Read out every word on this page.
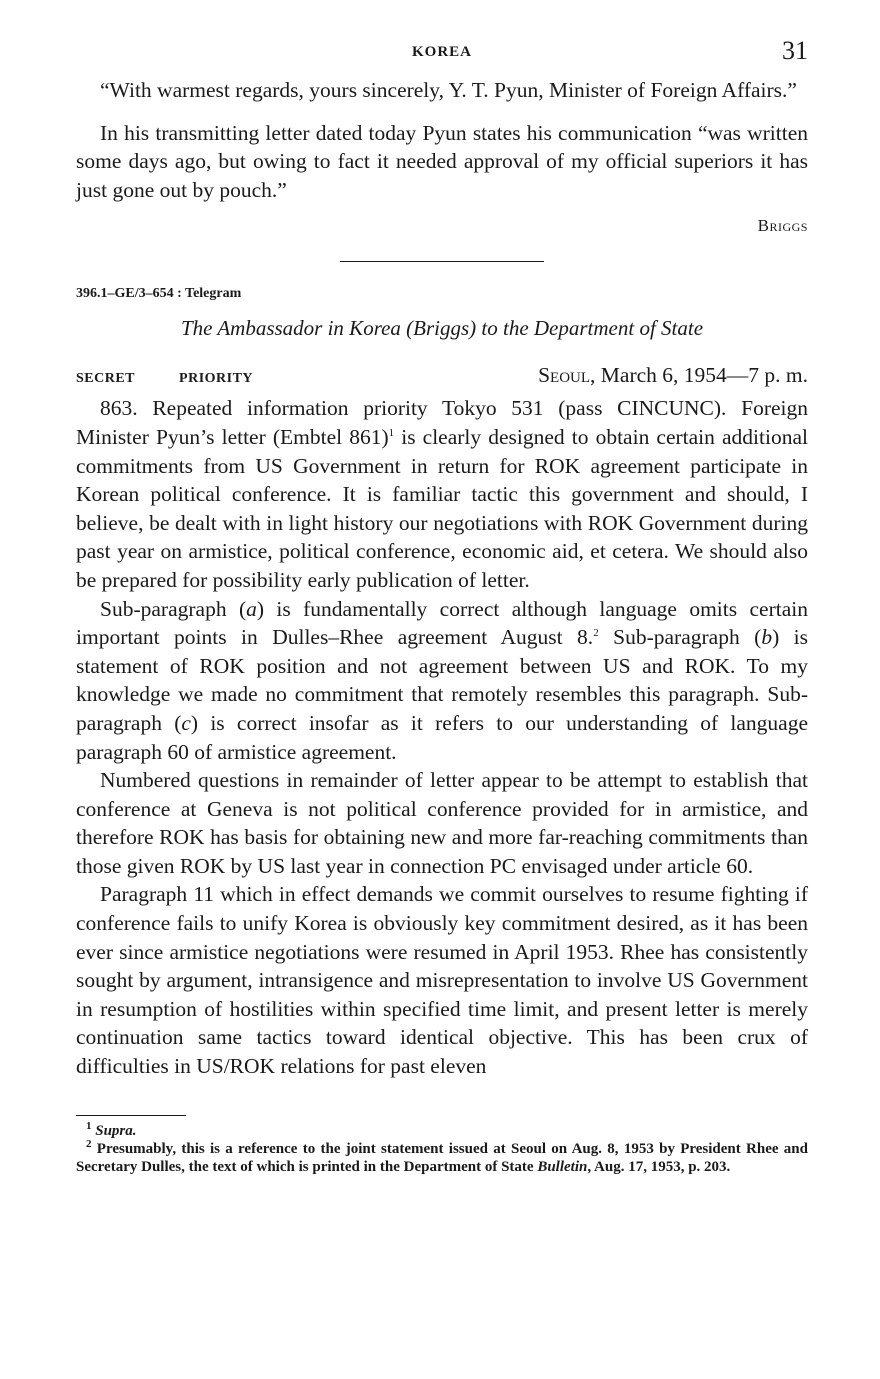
KOREA	31

“With warmest regards, yours sincerely, Y. T. Pyun, Minister of Foreign Affairs.”

In his transmitting letter dated today Pyun states his communication “was written some days ago, but owing to fact it needed approval of my official superiors it has just gone out by pouch.”

Briggs
396.1–GE/3–654 : Telegram
The Ambassador in Korea (Briggs) to the Department of State
SECRET	PRIORITY	Seoul, March 6, 1954—7 p. m.

863. Repeated information priority Tokyo 531 (pass CINCUNC). Foreign Minister Pyun’s letter (Embtel 861)$^1$ is clearly designed to obtain certain additional commitments from US Government in return for ROK agreement participate in Korean political conference. It is familiar tactic this government and should, I believe, be dealt with in light history our negotiations with ROK Government during past year on armistice, political conference, economic aid, et cetera. We should also be prepared for possibility early publication of letter.

Sub-paragraph (a) is fundamentally correct although language omits certain important points in Dulles–Rhee agreement August 8.$^2$ Sub-paragraph (b) is statement of ROK position and not agreement between US and ROK. To my knowledge we made no commitment that remotely resembles this paragraph. Sub-paragraph (c) is correct insofar as it refers to our understanding of language paragraph 60 of armistice agreement.

Numbered questions in remainder of letter appear to be attempt to establish that conference at Geneva is not political conference provided for in armistice, and therefore ROK has basis for obtaining new and more far-reaching commitments than those given ROK by US last year in connection PC envisaged under article 60.

Paragraph 11 which in effect demands we commit ourselves to resume fighting if conference fails to unify Korea is obviously key commitment desired, as it has been ever since armistice negotiations were resumed in April 1953. Rhee has consistently sought by argument, intransigence and misrepresentation to involve US Government in resumption of hostilities within specified time limit, and present letter is merely continuation same tactics toward identical objective. This has been crux of difficulties in US/ROK relations for past eleven

$^1$ Supra.
$^2$ Presumably, this is a reference to the joint statement issued at Seoul on Aug. 8, 1953 by President Rhee and Secretary Dulles, the text of which is printed in the Department of State Bulletin, Aug. 17, 1953, p. 203.
